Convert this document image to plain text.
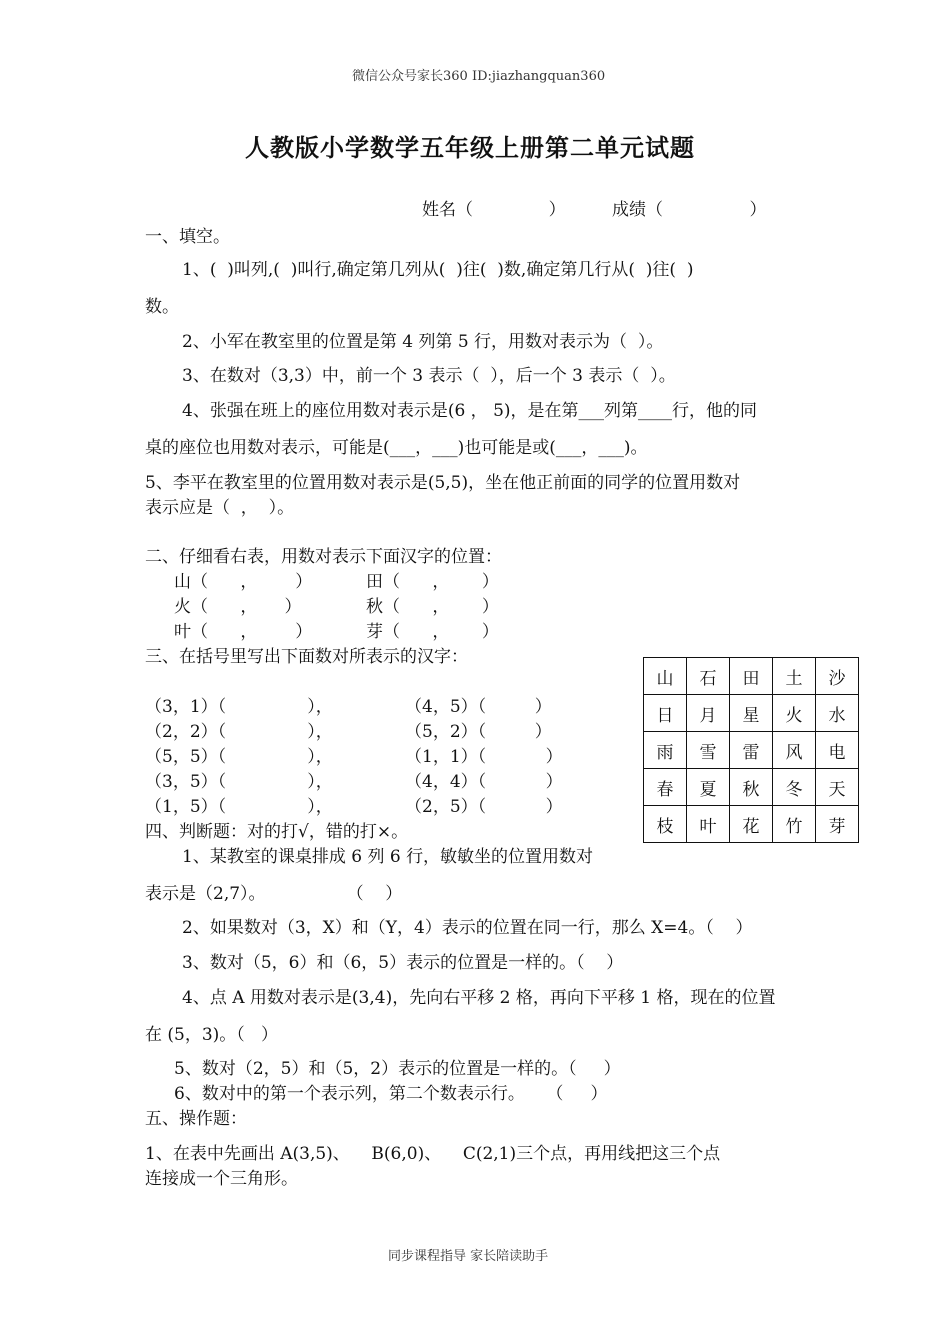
微信公众号家长360 ID:jiazhangquan360
人教版小学数学五年级上册第二单元试题
姓名（              ）	成绩（                ）
一、填空。
1、(  )叫列,(  )叫行,确定第几列从(  )往(  )数,确定第几行从(  )往(  )
数。
2、小军在教室里的位置是第 4 列第 5 行，用数对表示为（  ）。
3、在数对（3,3）中，前一个 3 表示（  ），后一个 3 表示（  ）。
4、张强在班上的座位用数对表示是(6 ， 5)，是在第___列第____行，他的同
桌的座位也用数对表示，可能是(___，___)也可能是或(___，___)。
5、李平在教室里的位置用数对表示是(5,5)，坐在他正前面的同学的位置用数对
表示应是（  ，  ）。
二、仔细看右表，用数对表示下面汉字的位置：
山（      ，       ）	田（      ，      ）
火（      ，     ）	秋（      ，      ）
叶（      ，       ）	芽（      ，      ）
三、在括号里写出下面数对所表示的汉字：
（3，1）（               ），	（4，5）（         ）
（2，2）（               ），	（5，2）（         ）
（5，5）（               ），	（1，1）（           ）
（3，5）（               ），	（4，4）（           ）
（1，5）（               ），	（2，5）（           ）
山	石	田	土	沙
日	月	星	火	水
雨	雪	雷	风	电
春	夏	秋	冬	天
枝	叶	花	竹	芽
四、判断题：对的打√，错的打×。
1、某教室的课桌排成 6 列 6 行，敏敏坐的位置用数对
表示是（2,7）。               （    ）
2、如果数对（3，X）和（Y，4）表示的位置在同一行，那么 X=4。（    ）
3、数对（5，6）和（6，5）表示的位置是一样的。（    ）
4、点 A 用数对表示是(3,4)，先向右平移 2 格，再向下平移 1 格，现在的位置
在 (5，3)。（   ）
5、数对（2，5）和（5，2）表示的位置是一样的。（     ）
6、数对中的第一个表示列，第二个数表示行。    （     ）
五、操作题：
1、在表中先画出 A(3,5)、    B(6,0)、    C(2,1)三个点，再用线把这三个点
连接成一个三角形。
同步课程指导 家长陪读助手
